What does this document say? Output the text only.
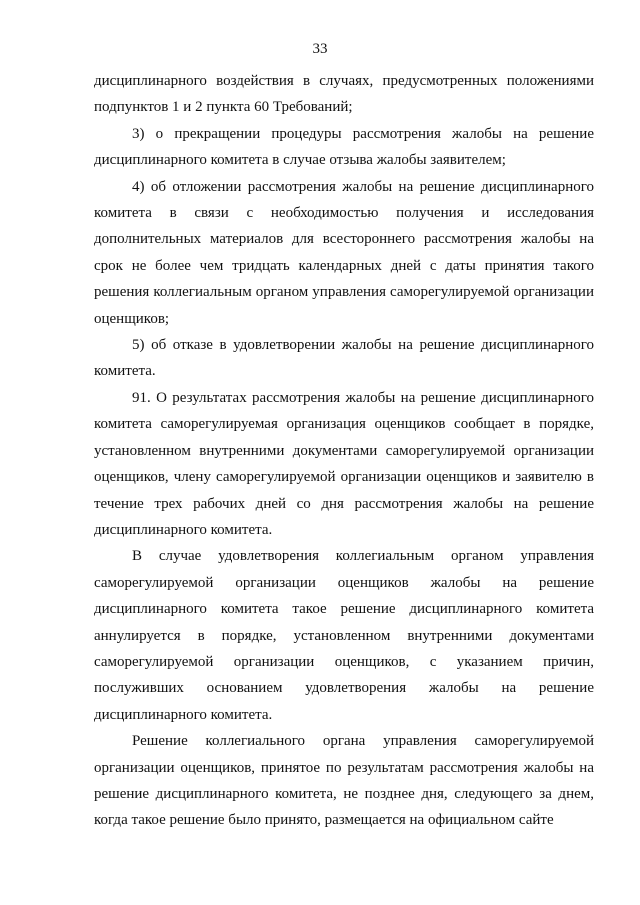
33

дисциплинарного воздействия в случаях, предусмотренных положениями подпунктов 1 и 2 пункта 60 Требований;

3) о прекращении процедуры рассмотрения жалобы на решение дисциплинарного комитета в случае отзыва жалобы заявителем;

4) об отложении рассмотрения жалобы на решение дисциплинарного комитета в связи с необходимостью получения и исследования дополнительных материалов для всестороннего рассмотрения жалобы на срок не более чем тридцать календарных дней с даты принятия такого решения коллегиальным органом управления саморегулируемой организации оценщиков;

5) об отказе в удовлетворении жалобы на решение дисциплинарного комитета.

91. О результатах рассмотрения жалобы на решение дисциплинарного комитета саморегулируемая организация оценщиков сообщает в порядке, установленном внутренними документами саморегулируемой организации оценщиков, члену саморегулируемой организации оценщиков и заявителю в течение трех рабочих дней со дня рассмотрения жалобы на решение дисциплинарного комитета.

В случае удовлетворения коллегиальным органом управления саморегулируемой организации оценщиков жалобы на решение дисциплинарного комитета такое решение дисциплинарного комитета аннулируется в порядке, установленном внутренними документами саморегулируемой организации оценщиков, с указанием причин, послуживших основанием удовлетворения жалобы на решение дисциплинарного комитета.

Решение коллегиального органа управления саморегулируемой организации оценщиков, принятое по результатам рассмотрения жалобы на решение дисциплинарного комитета, не позднее дня, следующего за днем, когда такое решение было принято, размещается на официальном сайте
